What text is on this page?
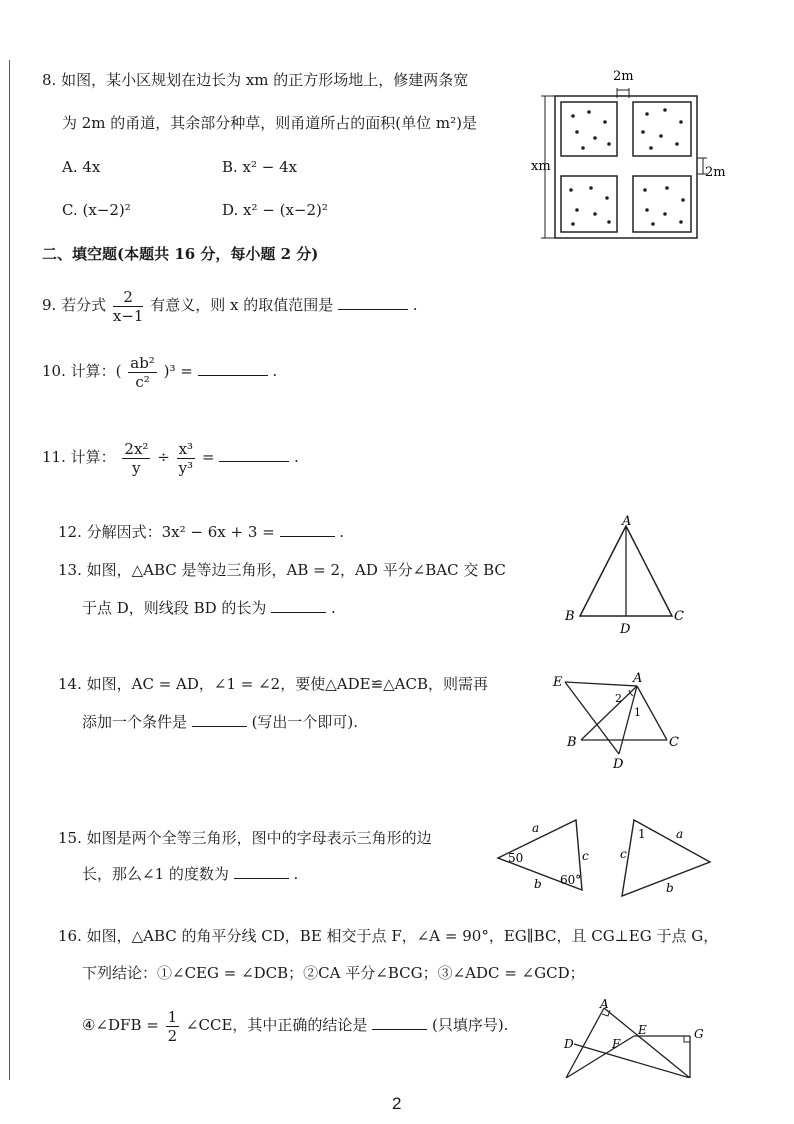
8. 如图，某小区规划在边长为 xm 的正方形场地上，修建两条宽
为 2m 的甬道，其余部分种草，则甬道所占的面积(单位 m²)是
A. 4x	B. x² − 4x
C. (x−2)²	D. x² − (x−2)²
2m
xm	2m
二、填空题(本题共 16 分，每小题 2 分)
9. 若分式 $\frac{2}{x-1}$ 有意义，则 x 的取值范围是	.
10. 计算：( $\frac{\text{ab²}}{\text{c²}} )^3$ =	.
11. 计算： $\frac{\text{2x²}}{y} \div \frac{\text{x³}}{\text{y³}}$ =	.
12. 分解因式：3x² − 6x + 3 =	.
13. 如图，△ABC 是等边三角形，AB = 2，AD 平分∠BAC 交 BC
于点 D，则线段 BD 的长为	.
A
B	C
D
14. 如图，AC = AD，∠1 = ∠2，要使△ADE≌△ACB，则需再
添加一个条件是	(写出一个即可).
E	A
B	C
D
1
2
15. 如图是两个全等三角形，图中的字母表示三角形的边
长，那么∠1 的度数为	.
a
c
b
50
60°
1	a
c
b
16. 如图，△ABC 的角平分线 CD，BE 相交于点 F，∠A = 90°，EG∥BC，且 CG⊥EG 于点 G，
下列结论：①∠CEG = ∠DCB；②CA 平分∠BCG；③∠ADC = ∠GCD；
④∠DFB = $\frac{1}{2}$ ∠CCE，其中正确的结论是	(只填序号).
A
D
E
F
G
2
